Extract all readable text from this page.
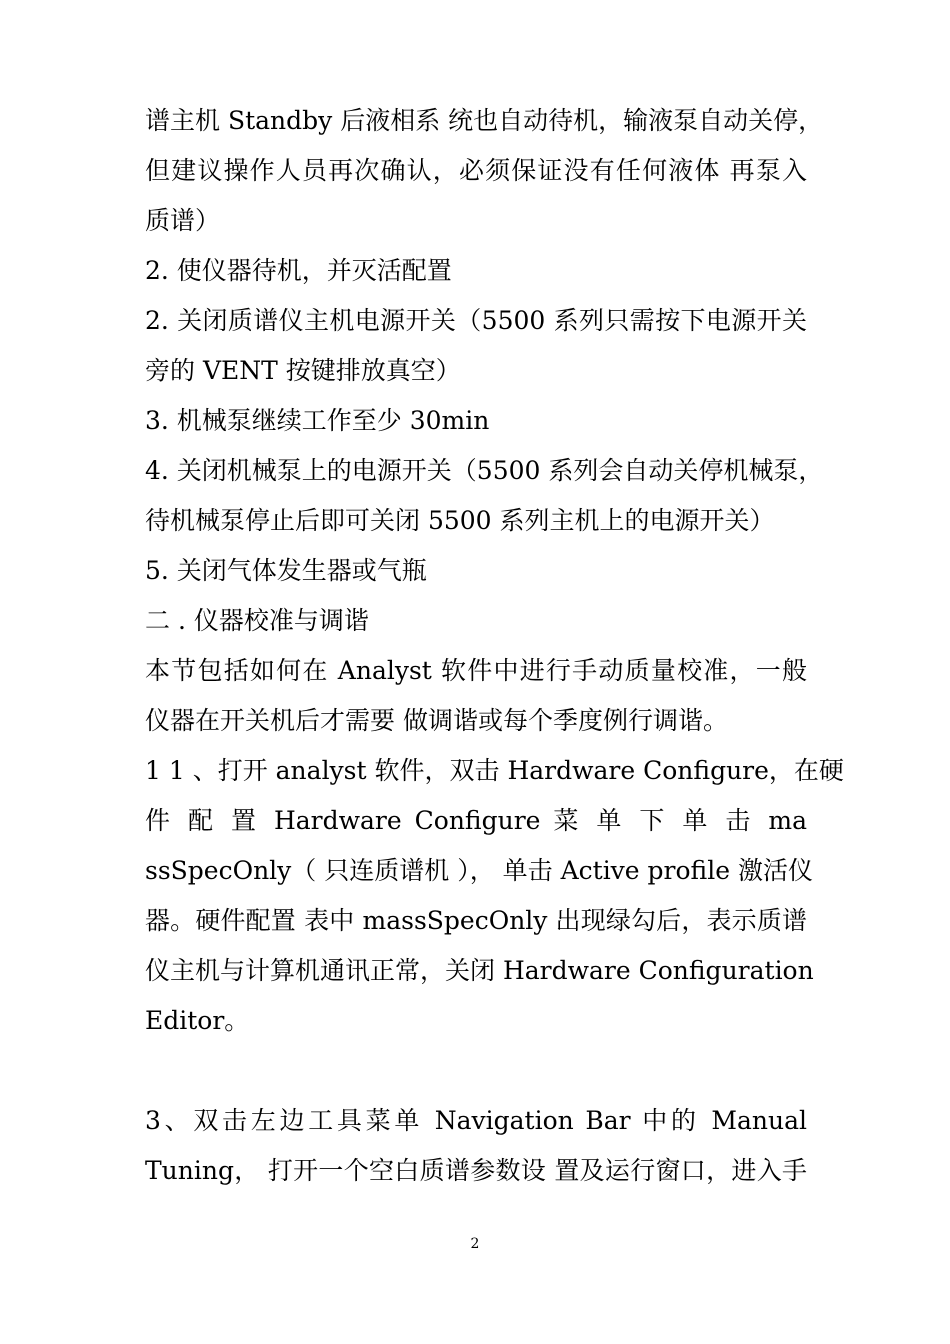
谱主机 Standby 后液相系 统也自动待机，输液泵自动关停，
但建议操作人员再次确认，必须保证没有任何液体 再泵入
质谱）
2. 使仪器待机，并灭活配置
2. 关闭质谱仪主机电源开关（5500 系列只需按下电源开关
旁的 VENT 按键排放真空）
3. 机械泵继续工作至少 30min
4. 关闭机械泵上的电源开关（5500 系列会自动关停机械泵，
待机械泵停止后即可关闭 5500 系列主机上的电源开关）
5. 关闭气体发生器或气瓶
二 . 仪器校准与调谐
本节包括如何在 Analyst 软件中进行手动质量校准，一般
仪器在开关机后才需要 做调谐或每个季度例行调谐。
1 1 、打开 analyst 软件，双击 Hardware Configure，在硬
件 配 置 Hardware Configure 菜 单 下 单 击 ma
ssSpecOnly（ 只连质谱机 ）， 单击 Active profile 激活仪
器。硬件配置 表中 massSpecOnly 出现绿勾后，表示质谱
仪主机与计算机通讯正常，关闭 Hardware Configuration
Editor。
3、双击左边工具菜单 Navigation Bar 中的 Manual
Tuning， 打开一个空白质谱参数设 置及运行窗口，进入手
2
